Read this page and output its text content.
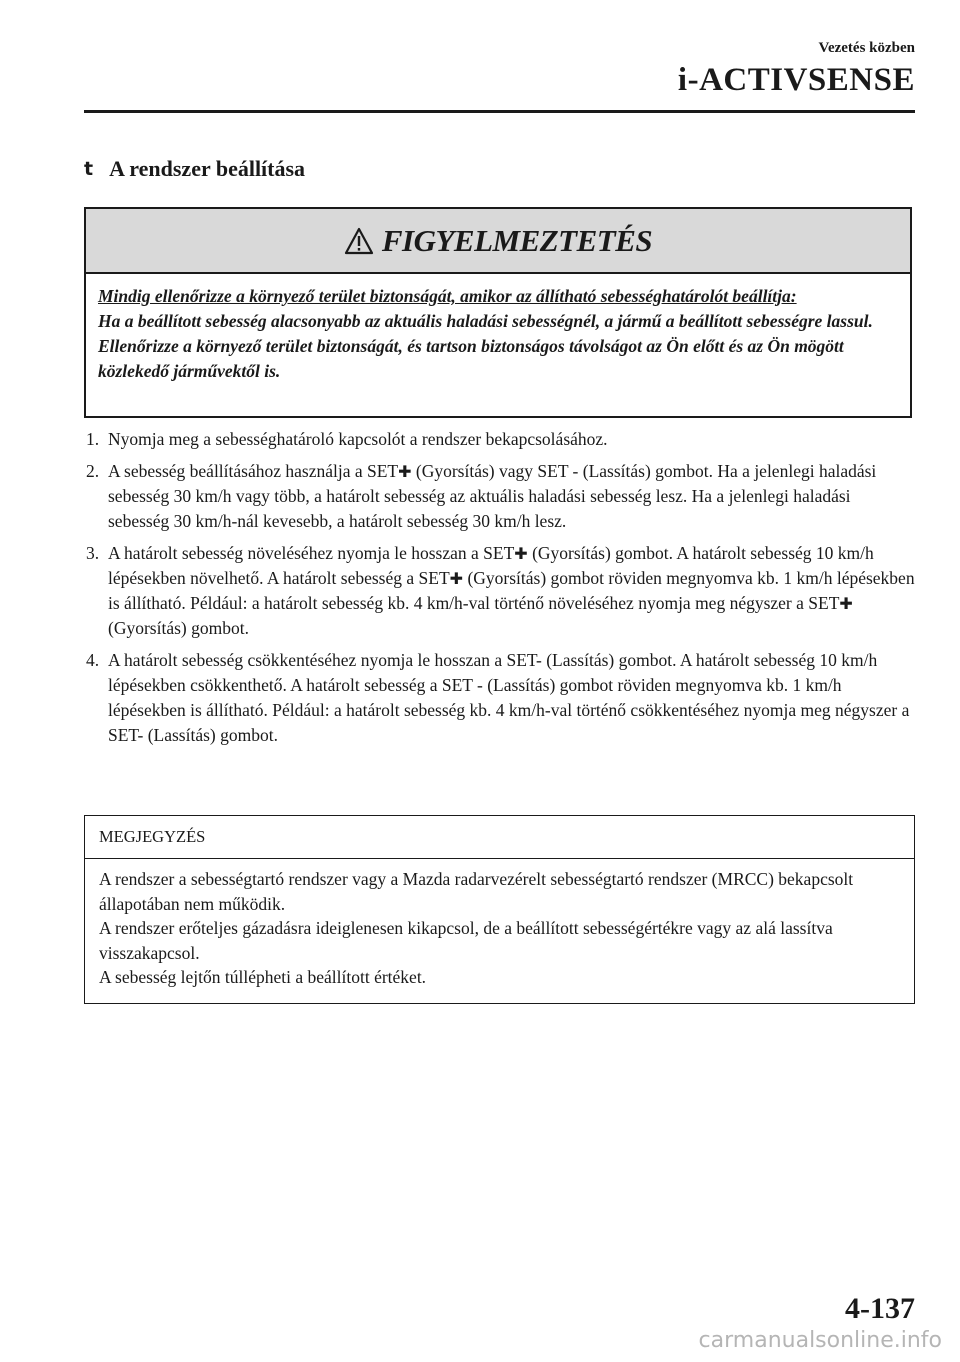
Vezetés közben
i-ACTIVSENSE
t A rendszer beállítása
FIGYELMEZTETÉS
Mindig ellenőrizze a környező terület biztonságát, amikor az állítható sebességhatárolót beállítja:
Ha a beállított sebesség alacsonyabb az aktuális haladási sebességnél, a jármű a beállított sebességre lassul. Ellenőrizze a környező terület biztonságát, és tartson biztonságos távolságot az Ön előtt és az Ön mögött közlekedő járművektől is.
1. Nyomja meg a sebességhatároló kapcsolót a rendszer bekapcsolásához.
2. A sebesség beállításához használja a SET✚ (Gyorsítás) vagy SET - (Lassítás) gombot. Ha a jelenlegi haladási sebesség 30 km/h vagy több, a határolt sebesség az aktuális haladási sebesség lesz. Ha a jelenlegi haladási sebesség 30 km/h-nál kevesebb, a határolt sebesség 30 km/h lesz.
3. A határolt sebesség növeléséhez nyomja le hosszan a SET✚ (Gyorsítás) gombot. A határolt sebesség 10 km/h lépésekben növelhető. A határolt sebesség a SET✚ (Gyorsítás) gombot röviden megnyomva kb. 1 km/h lépésekben is állítható. Például: a határolt sebesség kb. 4 km/h-val történő növeléséhez nyomja meg négyszer a SET✚ (Gyorsítás) gombot.
4. A határolt sebesség csökkentéséhez nyomja le hosszan a SET- (Lassítás) gombot. A határolt sebesség 10 km/h lépésekben csökkenthető. A határolt sebesség a SET - (Lassítás) gombot röviden megnyomva kb. 1 km/h lépésekben is állítható. Például: a határolt sebesség kb. 4 km/h-val történő csökkentéséhez nyomja meg négyszer a SET- (Lassítás) gombot.
MEGJEGYZÉS
A rendszer a sebességtartó rendszer vagy a Mazda radarvezérelt sebességtartó rendszer (MRCC) bekapcsolt állapotában nem működik.
A rendszer erőteljes gázadásra ideiglenesen kikapcsol, de a beállított sebességértékre vagy az alá lassítva visszakapcsol.
A sebesség lejtőn túllépheti a beállított értéket.
4-137
carmanualsonline.info
